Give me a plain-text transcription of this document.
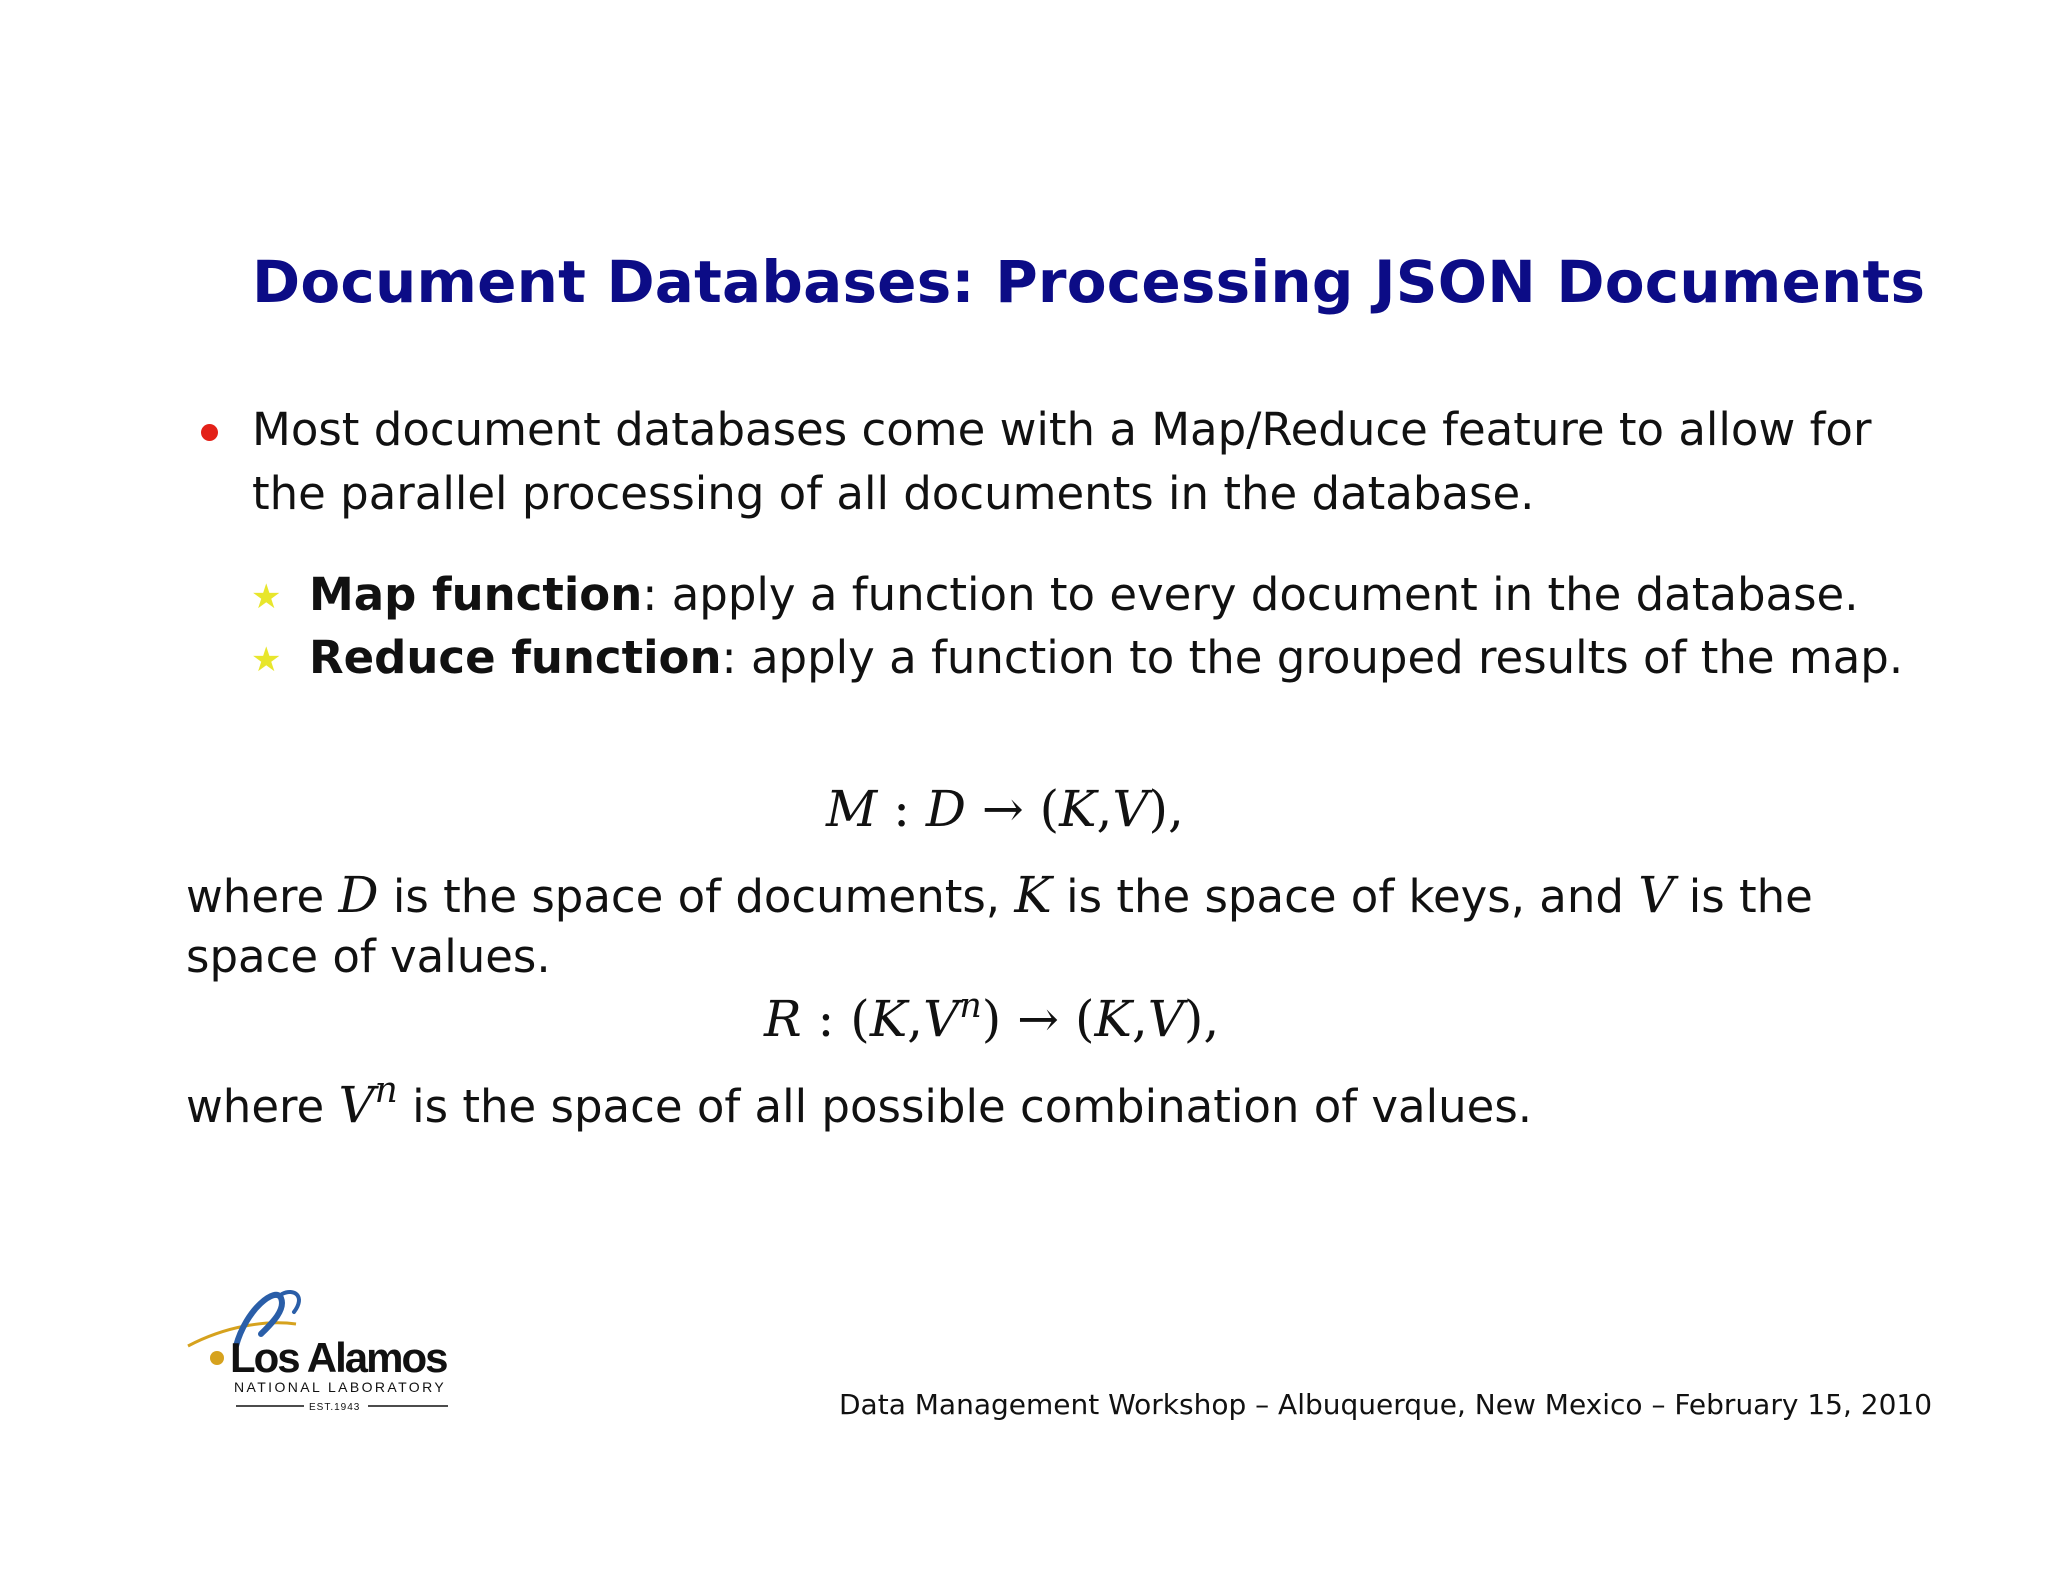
Document Databases: Processing JSON Documents
Most document databases come with a Map/Reduce feature to allow for
the parallel processing of all documents in the database.
★ Map function: apply a function to every document in the database.
★ Reduce function: apply a function to the grouped results of the map.
M : D → (K,V),
where D is the space of documents, K is the space of keys, and V is the
space of values.
R : $(K,V^n) \to (K,V)$,
where $V^n$ is the space of all possible combination of values.
Los Alamos
NATIONAL LABORATORY
EST.1943	Data Management Workshop – Albuquerque, New Mexico – February 15, 2010
